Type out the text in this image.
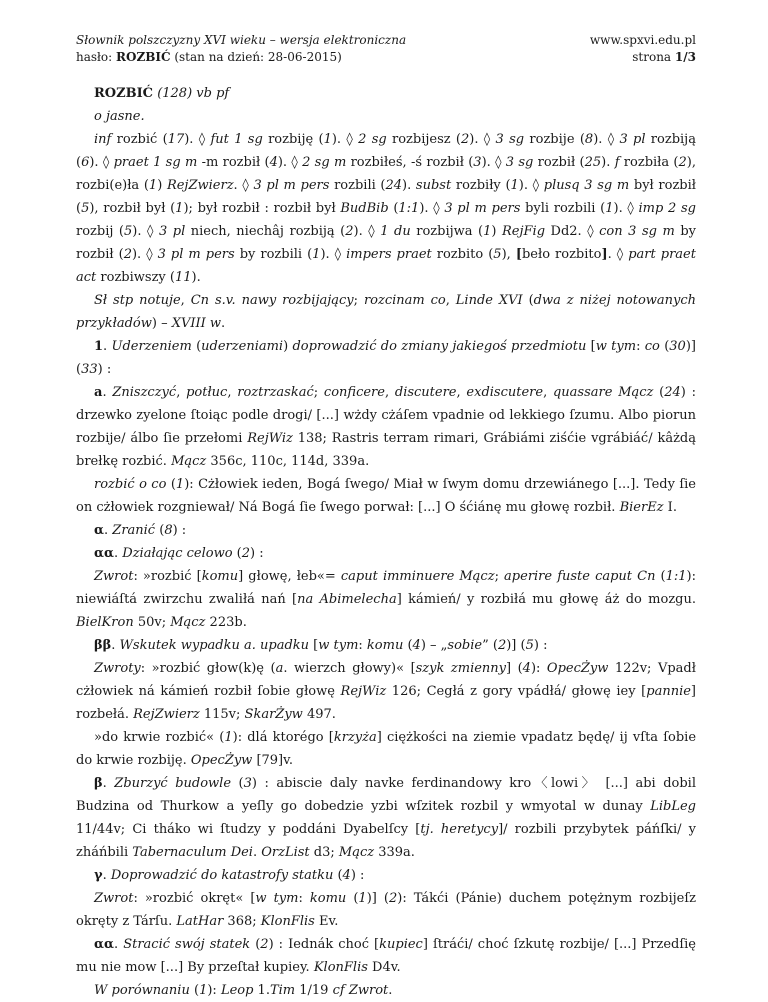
Słownik polszczyzny XVI wieku – wersja elektroniczna
hasło: ROZBIĆ (stan na dzień: 28-06-2015)
www.spxvi.edu.pl
strona 1/3

ROZBIĆ (128) vb pf

o jasne.

inf rozbić (17). ◊ fut 1 sg rozbiję (1). ◊ 2 sg rozbijesz (2). ◊ 3 sg rozbije (8). ◊ 3 pl rozbiją (6). ◊ praet 1 sg m -m rozbił (4). ◊ 2 sg m rozbiłeś, -ś rozbił (3). ◊ 3 sg rozbił (25). f rozbiła (2), rozbi(e)ła (1) RejZwierz. ◊ 3 pl m pers rozbili (24). subst rozbiły (1). ◊ plusq 3 sg m był rozbił (5), rozbił był (1); był rozbił : rozbił był BudBib (1:1). ◊ 3 pl m pers byli rozbili (1). ◊ imp 2 sg rozbij (5). ◊ 3 pl niech, niechâj rozbiją (2). ◊ 1 du rozbijwa (1) RejFig Dd2. ◊ con 3 sg m by rozbił (2). ◊ 3 pl m pers by rozbili (1). ◊ impers praet rozbito (5), [beło rozbito]. ◊ part praet act rozbiwszy (11).

Sł stp notuje, Cn s.v. nawy rozbijający; rozcinam co, Linde XVI (dwa z niżej notowanych przykładów) – XVIII w.

1. Uderzeniem (uderzeniami) doprowadzić do zmiany jakiegoś przedmiotu [w tym: co (30)] (33) :

a. Zniszczyć, potłuc, roztrzaskać; conficere, discutere, exdiscutere, quassare Mącz (24) : drzewko zyelone ſtoiąc podle drogi/ [...] wżdy cżáſem vpadnie od lekkiego ſzumu. Albo piorun rozbije/ álbo ſie przełomi RejWiz 138; Rastris terram rimari, Grábiámi ziśćie vgrábiáć/ kâżdą brełkę rozbić. Mącz 356c, 110c, 114d, 339a.

rozbić o co (1): Cżłowiek ieden, Bogá ſwego/ Miał w ſwym domu drzewiánego [...]. Tedy ſie on cżłowiek rozgniewał/ Ná Bogá ſie ſwego porwał: [...] O śćiánę mu głowę rozbił. BierEz I.

α. Zranić (8) :

αα. Działając celowo (2) :

Zwrot: »rozbić [komu] głowę, łeb«= caput imminuere Mącz; aperire fuste caput Cn (1:1): niewiáſtá zwirzchu zwaliłá nań [na Abimelecha] kámień/ y rozbiłá mu głowę áż do mozgu. BielKron 50v; Mącz 223b.

ββ. Wskutek wypadku a. upadku [w tym: komu (4) – „sobie” (2)] (5) :

Zwroty: »rozbić głow(k)ę (a. wierzch głowy)« [szyk zmienny] (4): OpecŻyw 122v; Vpadł cżłowiek ná kámień rozbił ſobie głowę RejWiz 126; Cegłá z gory vpádłá/ głowę iey [pannie] rozbełá. RejZwierz 115v; SkarŻyw 497.

»do krwie rozbić« (1): dlá ktorégo [krzyża] ciężkości na ziemie vpadatz będę/ ij vſta ſobie do krwie rozbiję. OpecŻyw [79]v.

β. Zburzyć budowle (3) : abiscie daly navke ferdinandowy kro〈lowi〉 [...] abi dobil Budzina od Thurkow a yeſly go dobedzie yzbi wſzitek rozbil y wmyotal w dunay LibLeg 11/44v; Ci tháko wi ſtudzy y poddáni Dyabelſcy [tj. heretycy]/ rozbili przybytek páńſki/ y zháńbili Tabernaculum Dei. OrzList d3; Mącz 339a.

γ. Doprowadzić do katastrofy statku (4) :

Zwrot: »rozbić okręt« [w tym: komu (1)] (2): Tákći (Pánie) duchem potężnym rozbijeſz okręty z Tárſu. LatHar 368; KlonFlis Ev.

αα. Stracić swój statek (2) : Iednák choć [kupiec] ſtráći/ choć ſzkutę rozbije/ [...] Przedſię mu nie mow [...] By przeſtał kupiey. KlonFlis D4v.

W porównaniu (1): Leop 1.Tim 1/19 cf Zwrot.
